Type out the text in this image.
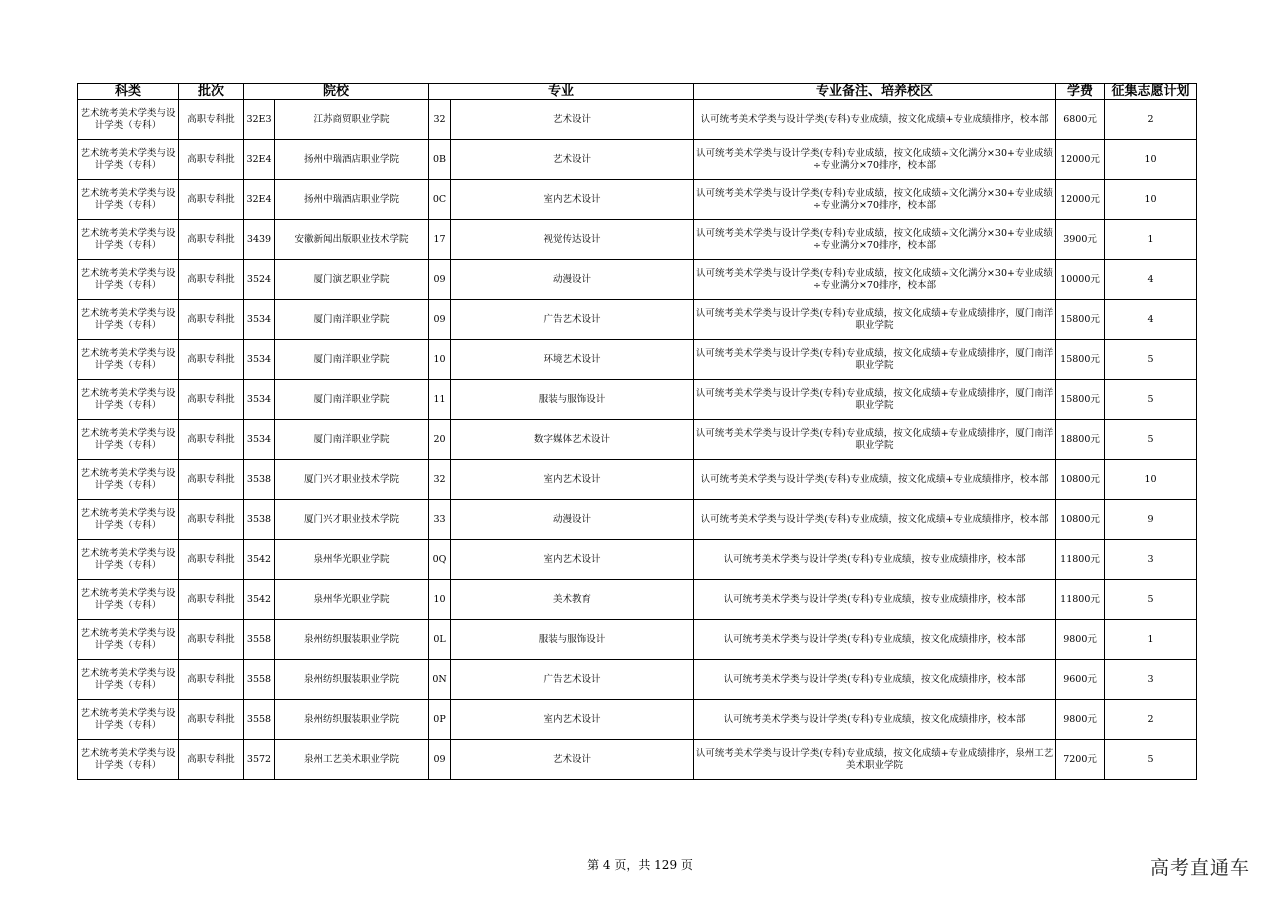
科类	批次	院校		专业		专业备注、培养校区	学费	征集志愿计划
艺术统考美术学类与设计学类（专科）	高职专科批	32E3	江苏商贸职业学院	32	艺术设计	认可统考美术学类与设计学类(专科)专业成绩，按文化成绩+专业成绩排序，校本部	6800元	2
艺术统考美术学类与设计学类（专科）	高职专科批	32E4	扬州中瑞酒店职业学院	0B	艺术设计	认可统考美术学类与设计学类(专科)专业成绩，按文化成绩÷文化满分×30+专业成绩÷专业满分×70排序，校本部	12000元	10
艺术统考美术学类与设计学类（专科）	高职专科批	32E4	扬州中瑞酒店职业学院	0C	室内艺术设计	认可统考美术学类与设计学类(专科)专业成绩，按文化成绩÷文化满分×30+专业成绩÷专业满分×70排序，校本部	12000元	10
艺术统考美术学类与设计学类（专科）	高职专科批	3439	安徽新闻出版职业技术学院	17	视觉传达设计	认可统考美术学类与设计学类(专科)专业成绩，按文化成绩÷文化满分×30+专业成绩÷专业满分×70排序，校本部	3900元	1
艺术统考美术学类与设计学类（专科）	高职专科批	3524	厦门演艺职业学院	09	动漫设计	认可统考美术学类与设计学类(专科)专业成绩，按文化成绩÷文化满分×30+专业成绩÷专业满分×70排序，校本部	10000元	4
艺术统考美术学类与设计学类（专科）	高职专科批	3534	厦门南洋职业学院	09	广告艺术设计	认可统考美术学类与设计学类(专科)专业成绩，按文化成绩+专业成绩排序，厦门南洋职业学院	15800元	4
艺术统考美术学类与设计学类（专科）	高职专科批	3534	厦门南洋职业学院	10	环境艺术设计	认可统考美术学类与设计学类(专科)专业成绩，按文化成绩+专业成绩排序，厦门南洋职业学院	15800元	5
艺术统考美术学类与设计学类（专科）	高职专科批	3534	厦门南洋职业学院	11	服装与服饰设计	认可统考美术学类与设计学类(专科)专业成绩，按文化成绩+专业成绩排序，厦门南洋职业学院	15800元	5
艺术统考美术学类与设计学类（专科）	高职专科批	3534	厦门南洋职业学院	20	数字媒体艺术设计	认可统考美术学类与设计学类(专科)专业成绩，按文化成绩+专业成绩排序，厦门南洋职业学院	18800元	5
艺术统考美术学类与设计学类（专科）	高职专科批	3538	厦门兴才职业技术学院	32	室内艺术设计	认可统考美术学类与设计学类(专科)专业成绩，按文化成绩+专业成绩排序，校本部	10800元	10
艺术统考美术学类与设计学类（专科）	高职专科批	3538	厦门兴才职业技术学院	33	动漫设计	认可统考美术学类与设计学类(专科)专业成绩，按文化成绩+专业成绩排序，校本部	10800元	9
艺术统考美术学类与设计学类（专科）	高职专科批	3542	泉州华光职业学院	0Q	室内艺术设计	认可统考美术学类与设计学类(专科)专业成绩，按专业成绩排序，校本部	11800元	3
艺术统考美术学类与设计学类（专科）	高职专科批	3542	泉州华光职业学院	10	美术教育	认可统考美术学类与设计学类(专科)专业成绩，按专业成绩排序，校本部	11800元	5
艺术统考美术学类与设计学类（专科）	高职专科批	3558	泉州纺织服装职业学院	0L	服装与服饰设计	认可统考美术学类与设计学类(专科)专业成绩，按文化成绩排序，校本部	9800元	1
艺术统考美术学类与设计学类（专科）	高职专科批	3558	泉州纺织服装职业学院	0N	广告艺术设计	认可统考美术学类与设计学类(专科)专业成绩，按文化成绩排序，校本部	9600元	3
艺术统考美术学类与设计学类（专科）	高职专科批	3558	泉州纺织服装职业学院	0P	室内艺术设计	认可统考美术学类与设计学类(专科)专业成绩，按文化成绩排序，校本部	9800元	2
艺术统考美术学类与设计学类（专科）	高职专科批	3572	泉州工艺美术职业学院	09	艺术设计	认可统考美术学类与设计学类(专科)专业成绩，按文化成绩+专业成绩排序，泉州工艺美术职业学院	7200元	5
第 4 页，共 129 页	高考直通车
